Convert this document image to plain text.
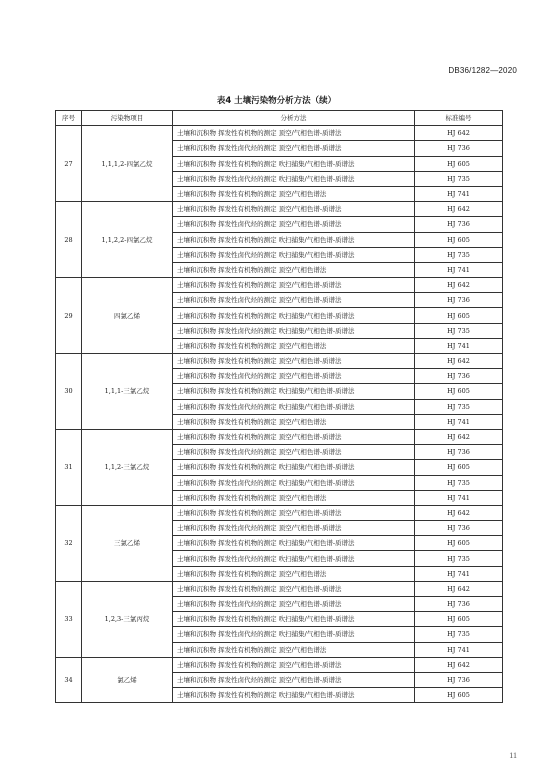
DB36/1282—2020
表4 土壤污染物分析方法（续）
序号	污染物项目	分析方法	标准编号
27	1,1,1,2-四氯乙烷	土壤和沉积物 挥发性有机物的测定 顶空/气相色谱-质谱法	HJ 642
		土壤和沉积物 挥发性卤代烃的测定 顶空/气相色谱-质谱法	HJ 736
		土壤和沉积物 挥发性有机物的测定 吹扫捕集/气相色谱-质谱法	HJ 605
		土壤和沉积物 挥发性卤代烃的测定 吹扫捕集/气相色谱-质谱法	HJ 735
		土壤和沉积物 挥发性有机物的测定 顶空/气相色谱法	HJ 741
28	1,1,2,2-四氯乙烷	土壤和沉积物 挥发性有机物的测定 顶空/气相色谱-质谱法	HJ 642
		土壤和沉积物 挥发性卤代烃的测定 顶空/气相色谱-质谱法	HJ 736
		土壤和沉积物 挥发性有机物的测定 吹扫捕集/气相色谱-质谱法	HJ 605
		土壤和沉积物 挥发性卤代烃的测定 吹扫捕集/气相色谱-质谱法	HJ 735
		土壤和沉积物 挥发性有机物的测定 顶空/气相色谱法	HJ 741
29	四氯乙烯	土壤和沉积物 挥发性有机物的测定 顶空/气相色谱-质谱法	HJ 642
		土壤和沉积物 挥发性卤代烃的测定 顶空/气相色谱-质谱法	HJ 736
		土壤和沉积物 挥发性有机物的测定 吹扫捕集/气相色谱-质谱法	HJ 605
		土壤和沉积物 挥发性卤代烃的测定 吹扫捕集/气相色谱-质谱法	HJ 735
		土壤和沉积物 挥发性有机物的测定 顶空/气相色谱法	HJ 741
30	1,1,1-三氯乙烷	土壤和沉积物 挥发性有机物的测定 顶空/气相色谱-质谱法	HJ 642
		土壤和沉积物 挥发性卤代烃的测定 顶空/气相色谱-质谱法	HJ 736
		土壤和沉积物 挥发性有机物的测定 吹扫捕集/气相色谱-质谱法	HJ 605
		土壤和沉积物 挥发性卤代烃的测定 吹扫捕集/气相色谱-质谱法	HJ 735
		土壤和沉积物 挥发性有机物的测定 顶空/气相色谱法	HJ 741
31	1,1,2-三氯乙烷	土壤和沉积物 挥发性有机物的测定 顶空/气相色谱-质谱法	HJ 642
		土壤和沉积物 挥发性卤代烃的测定 顶空/气相色谱-质谱法	HJ 736
		土壤和沉积物 挥发性有机物的测定 吹扫捕集/气相色谱-质谱法	HJ 605
		土壤和沉积物 挥发性卤代烃的测定 吹扫捕集/气相色谱-质谱法	HJ 735
		土壤和沉积物 挥发性有机物的测定 顶空/气相色谱法	HJ 741
32	三氯乙烯	土壤和沉积物 挥发性有机物的测定 顶空/气相色谱-质谱法	HJ 642
		土壤和沉积物 挥发性卤代烃的测定 顶空/气相色谱-质谱法	HJ 736
		土壤和沉积物 挥发性有机物的测定 吹扫捕集/气相色谱-质谱法	HJ 605
		土壤和沉积物 挥发性卤代烃的测定 吹扫捕集/气相色谱-质谱法	HJ 735
		土壤和沉积物 挥发性有机物的测定 顶空/气相色谱法	HJ 741
33	1,2,3-三氯丙烷	土壤和沉积物 挥发性有机物的测定 顶空/气相色谱-质谱法	HJ 642
		土壤和沉积物 挥发性卤代烃的测定 顶空/气相色谱-质谱法	HJ 736
		土壤和沉积物 挥发性有机物的测定 吹扫捕集/气相色谱-质谱法	HJ 605
		土壤和沉积物 挥发性卤代烃的测定 吹扫捕集/气相色谱-质谱法	HJ 735
		土壤和沉积物 挥发性有机物的测定 顶空/气相色谱法	HJ 741
34	氯乙烯	土壤和沉积物 挥发性有机物的测定 顶空/气相色谱-质谱法	HJ 642
		土壤和沉积物 挥发性卤代烃的测定 顶空/气相色谱-质谱法	HJ 736
		土壤和沉积物 挥发性有机物的测定 吹扫捕集/气相色谱-质谱法	HJ 605
11
